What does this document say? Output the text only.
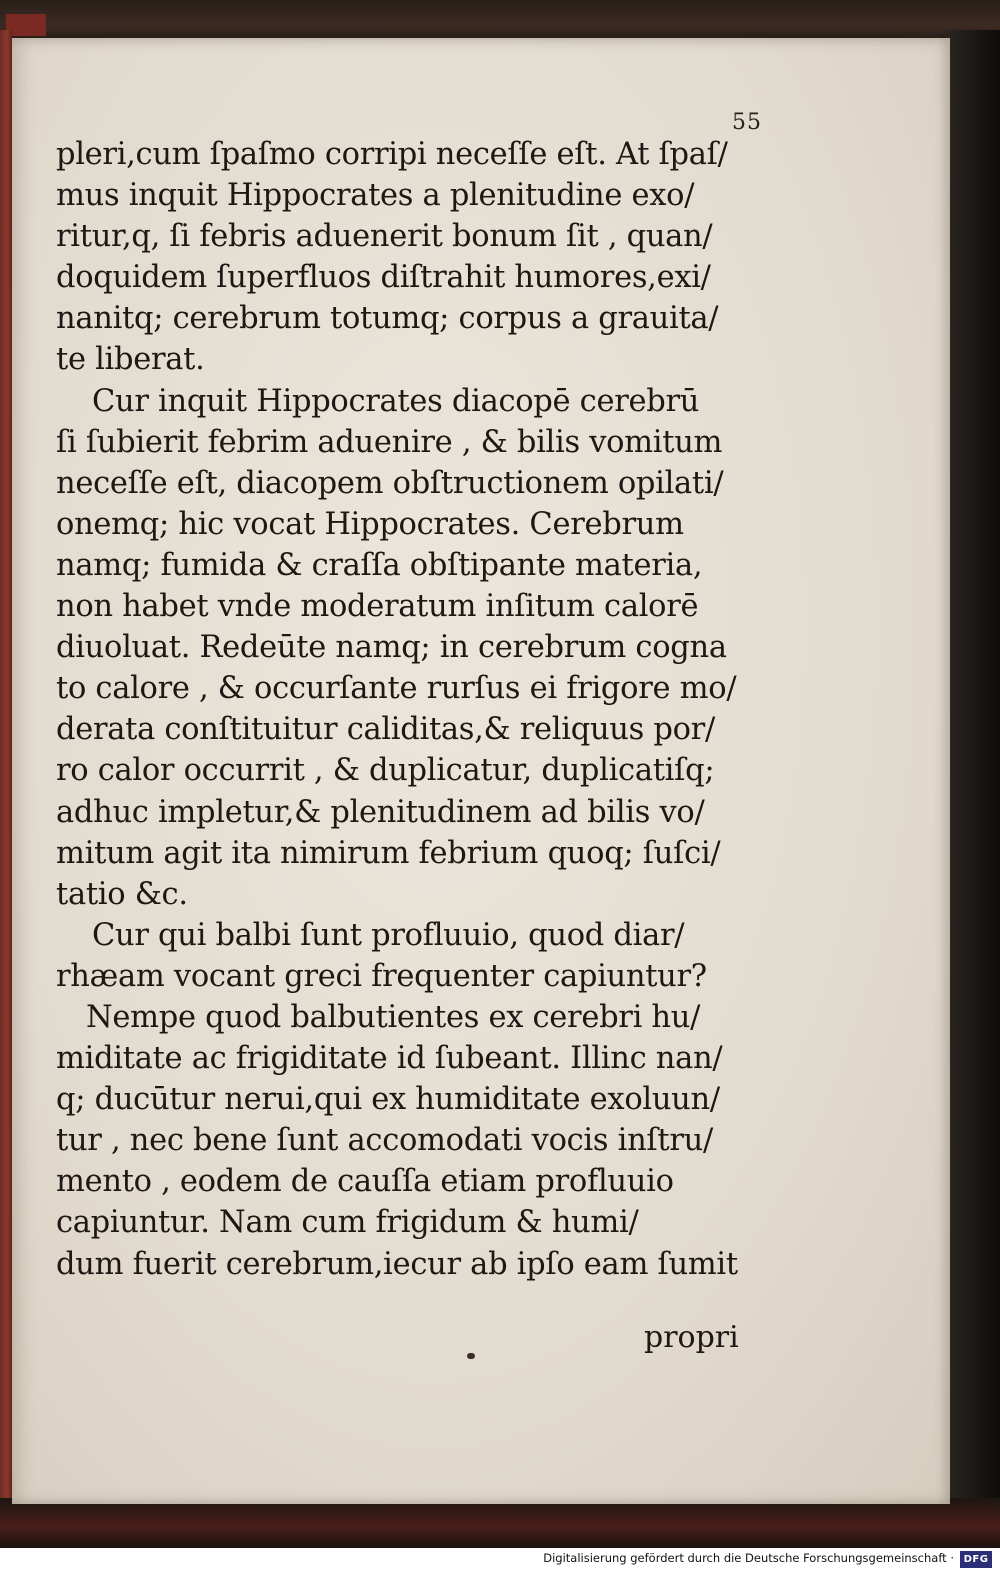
55
pleri,cum ſpaſmo corripi neceſſe eſt. At ſpaſ/
mus inquit Hippocrates a plenitudine exo/
ritur,q, ſi febris aduenerit bonum ſit , quan/
doquidem ſuperfluos diſtrahit humores,exi/
nanitq; cerebrum totumq; corpus a grauita/
te liberat.
Cur inquit Hippocrates diacopē cerebrū
ſi ſubierit febrim aduenire , & bilis vomitum
neceſſe eſt, diacopem obſtructionem opilati/
onemq; hic vocat Hippocrates. Cerebrum
namq; fumida & craſſa obſtipante materia,
non habet vnde moderatum inſitum calorē
diuoluat. Redeūte namq; in cerebrum cogna
to calore , & occurſante rurſus ei frigore mo/
derata conſtituitur caliditas,& reliquus por/
ro calor occurrit , & duplicatur, duplicatiſq;
adhuc impletur,& plenitudinem ad bilis vo/
mitum agit ita nimirum febrium quoq; ſuſci/
tatio &c.
Cur qui balbi ſunt profluuio, quod diar/
rhæam vocant greci frequenter capiuntur?
Nempe quod balbutientes ex cerebri hu/
miditate ac frigiditate id ſubeant. Illinc nan/
q; ducūtur nerui,qui ex humiditate exoluun/
tur , nec bene ſunt accomodati vocis inſtru/
mento , eodem de cauſſa etiam profluuio
capiuntur. Nam cum frigidum & humi/
dum fuerit cerebrum,iecur ab ipſo eam ſumit
propri
Digitalisierung gefördert durch die Deutsche Forschungsgemeinschaft · DFG
